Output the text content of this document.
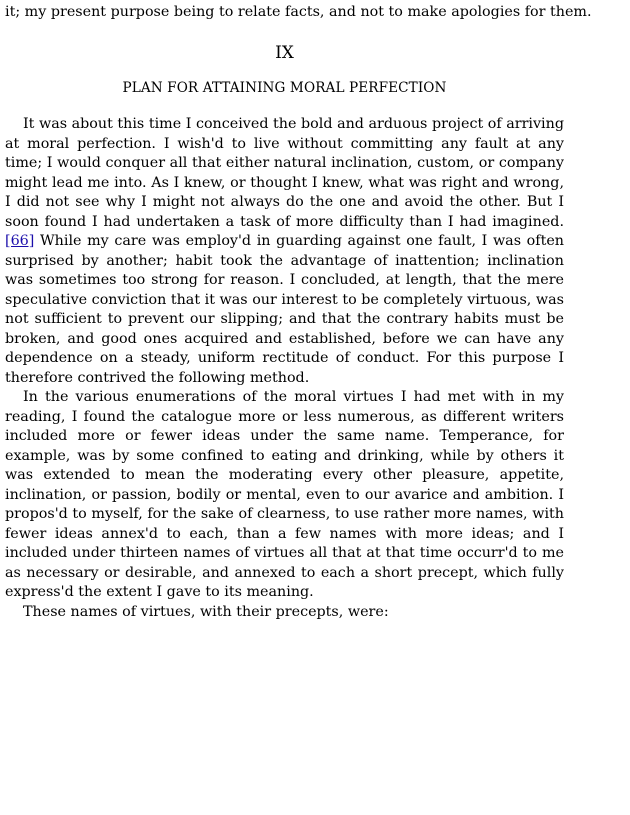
it; my present purpose being to relate facts, and not to make apologies for them.

IX
PLAN FOR ATTAINING MORAL PERFECTION

It was about this time I conceived the bold and arduous project of arriving at moral perfection. I wish'd to live without committing any fault at any time; I would conquer all that either natural inclination, custom, or company might lead me into. As I knew, or thought I knew, what was right and wrong, I did not see why I might not always do the one and avoid the other. But I soon found I had undertaken a task of more difficulty than I had imagined.[66] While my care was employ'd in guarding against one fault, I was often surprised by another; habit took the advantage of inattention; inclination was sometimes too strong for reason. I concluded, at length, that the mere speculative conviction that it was our interest to be completely virtuous, was not sufficient to prevent our slipping; and that the contrary habits must be broken, and good ones acquired and established, before we can have any dependence on a steady, uniform rectitude of conduct. For this purpose I therefore contrived the following method.

In the various enumerations of the moral virtues I had met with in my reading, I found the catalogue more or less numerous, as different writers included more or fewer ideas under the same name. Temperance, for example, was by some confined to eating and drinking, while by others it was extended to mean the moderating every other pleasure, appetite, inclination, or passion, bodily or mental, even to our avarice and ambition. I propos'd to myself, for the sake of clearness, to use rather more names, with fewer ideas annex'd to each, than a few names with more ideas; and I included under thirteen names of virtues all that at that time occurr'd to me as necessary or desirable, and annexed to each a short precept, which fully express'd the extent I gave to its meaning.

These names of virtues, with their precepts, were:
